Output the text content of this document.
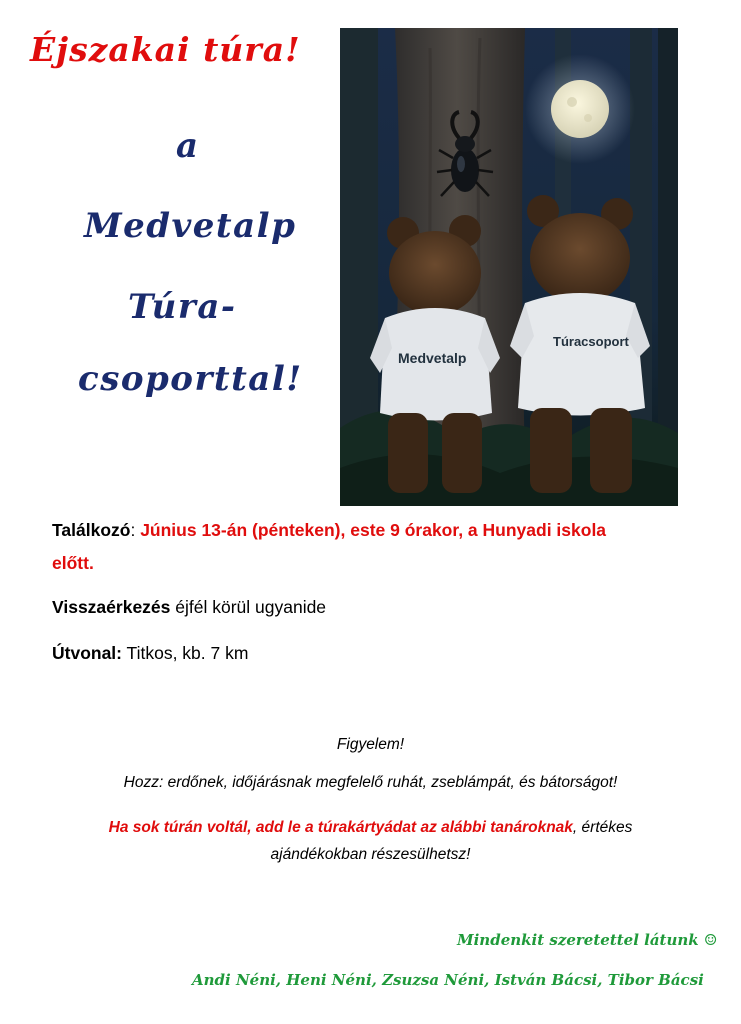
Éjszakai túra!
a
Medvetalp
Túra-
csoporttal!
Medvetalp
Túracsoport
Találkozó: Június 13-án (pénteken), este 9 órakor, a Hunyadi iskola
előtt.
Visszaérkezés éjfél körül ugyanide
Útvonal: Titkos, kb. 7 km
Figyelem!
Hozz: erdőnek, időjárásnak megfelelő ruhát, zseblámpát, és bátorságot!
Ha sok túrán voltál, add le a túrakártyádat az alábbi tanároknak, értékes
ajándékokban részesülhetsz!
Mindenkit szeretettel látunk ☺
Andi Néni, Heni Néni, Zsuzsa Néni, István Bácsi, Tibor Bácsi
